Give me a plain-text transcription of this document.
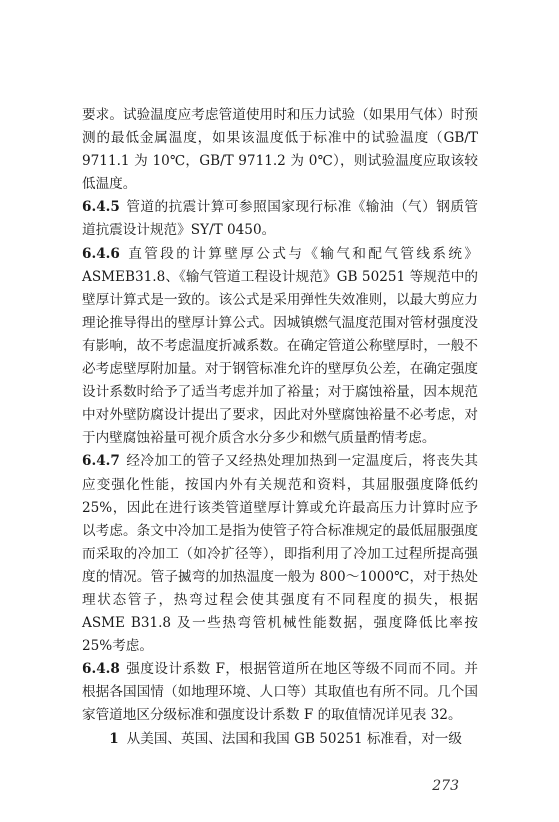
要求。试验温度应考虑管道使用时和压力试验（如果用气体）时预测的最低金属温度，如果该温度低于标准中的试验温度（GB/T 9711.1 为 10℃，GB/T 9711.2 为 0℃），则试验温度应取该较低温度。

6.4.5 管道的抗震计算可参照国家现行标准《输油（气）钢质管道抗震设计规范》SY/T 0450。

6.4.6 直管段的计算壁厚公式与《输气和配气管线系统》ASMEB31.8、《输气管道工程设计规范》GB 50251 等规范中的壁厚计算式是一致的。该公式是采用弹性失效准则，以最大剪应力理论推导得出的壁厚计算公式。因城镇燃气温度范围对管材强度没有影响，故不考虑温度折减系数。在确定管道公称壁厚时，一般不必考虑壁厚附加量。对于钢管标准允许的壁厚负公差，在确定强度设计系数时给予了适当考虑并加了裕量；对于腐蚀裕量，因本规范中对外壁防腐设计提出了要求，因此对外壁腐蚀裕量不必考虑，对于内壁腐蚀裕量可视介质含水分多少和燃气质量酌情考虑。

6.4.7 经冷加工的管子又经热处理加热到一定温度后，将丧失其应变强化性能，按国内外有关规范和资料，其屈服强度降低约 25%，因此在进行该类管道壁厚计算或允许最高压力计算时应予以考虑。条文中冷加工是指为使管子符合标准规定的最低屈服强度而采取的冷加工（如冷扩径等），即指利用了冷加工过程所提高强度的情况。管子揻弯的加热温度一般为 800～1000℃，对于热处理状态管子，热弯过程会使其强度有不同程度的损失，根据 ASME B31.8 及一些热弯管机械性能数据，强度降低比率按 25%考虑。

6.4.8 强度设计系数 F，根据管道所在地区等级不同而不同。并根据各国国情（如地理环境、人口等）其取值也有所不同。几个国家管道地区分级标准和强度设计系数 F 的取值情况详见表 32。

1 从美国、英国、法国和我国 GB 50251 标准看，对一级

273
